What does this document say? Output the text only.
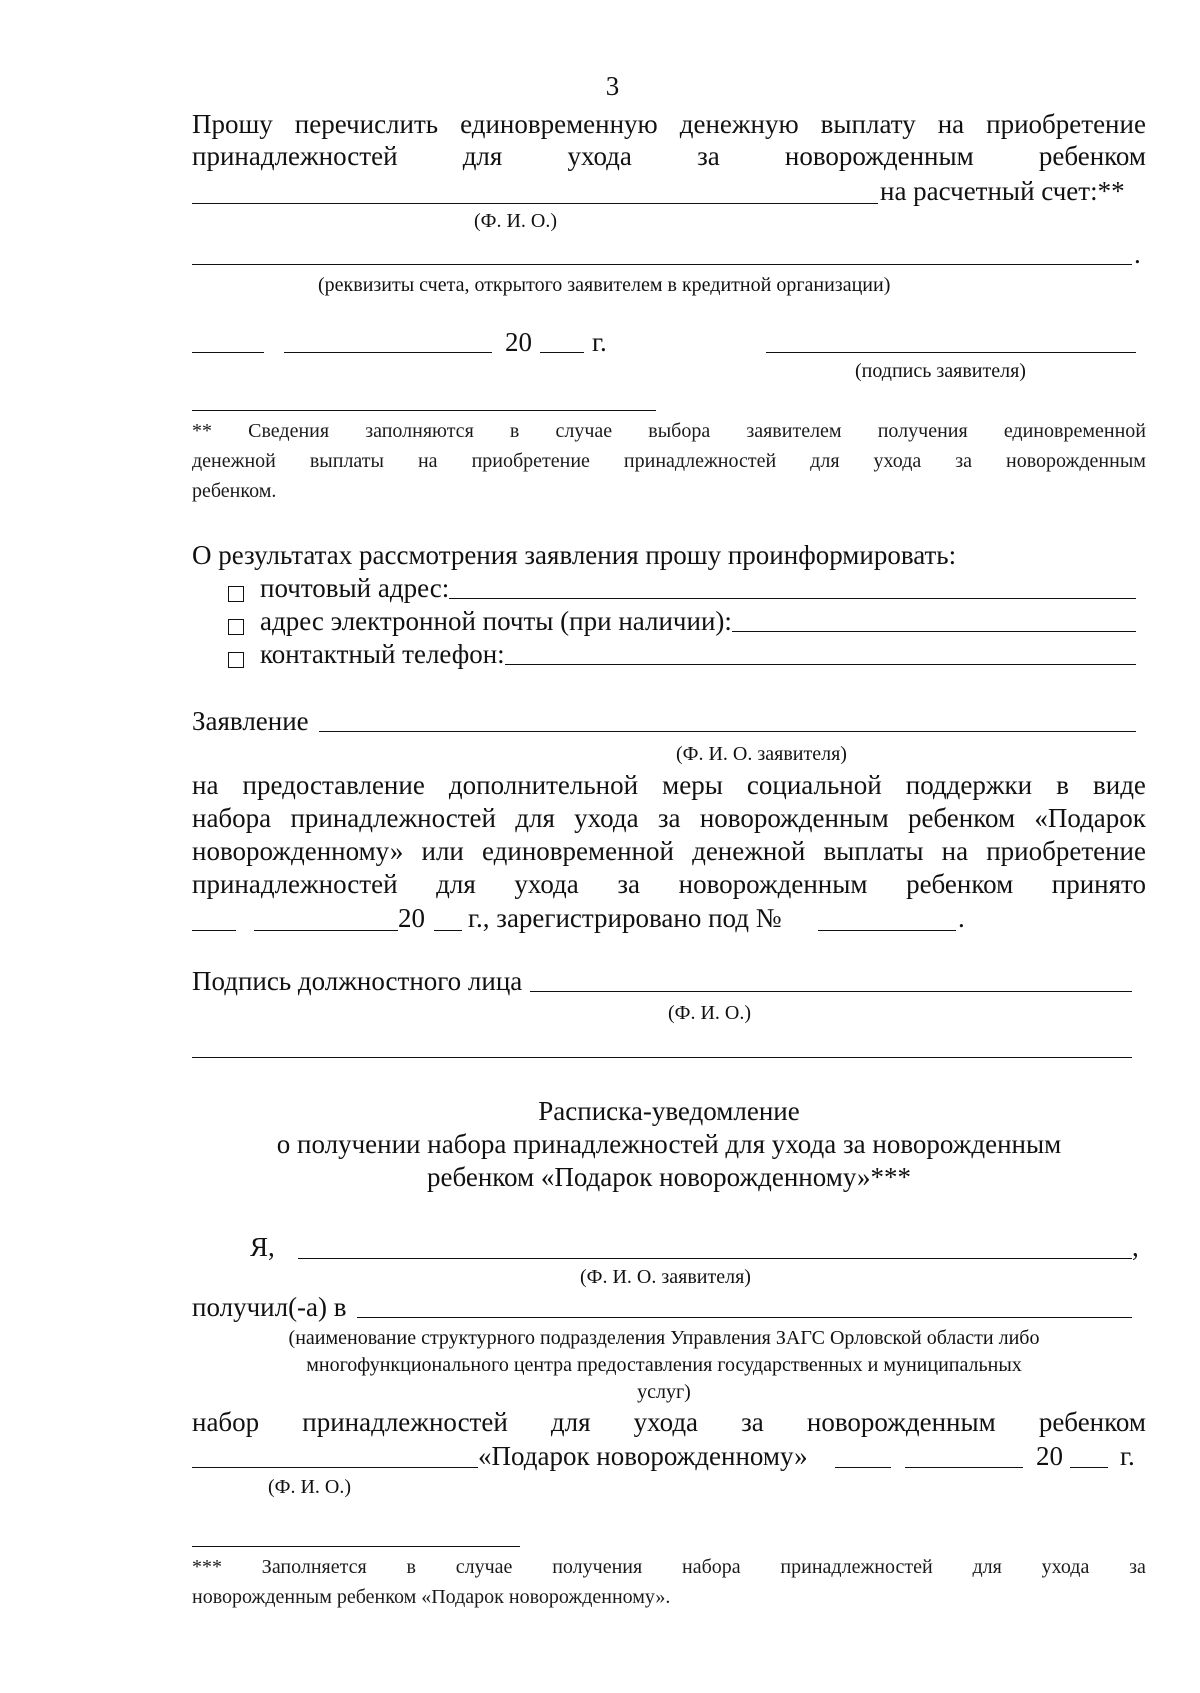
3
Прошу перечислить единовременную денежную выплату на приобретение
принадлежностей для ухода за новорожденным ребенком
на расчетный счет:**
(Ф. И. О.)
.
(реквизиты счета, открытого заявителем в кредитной организации)
20 г.
(подпись заявителя)
** Сведения заполняются в случае выбора заявителем получения единовременной
денежной выплаты на приобретение принадлежностей для ухода за новорожденным
ребенком.
О результатах рассмотрения заявления прошу проинформировать:
почтовый адрес:
адрес электронной почты (при наличии):
контактный телефон:
Заявление
(Ф. И. О. заявителя)
на предоставление дополнительной меры социальной поддержки в виде
набора принадлежностей для ухода за новорожденным ребенком «Подарок
новорожденному» или единовременной денежной выплаты на приобретение
принадлежностей для ухода за новорожденным ребенком принято
20 г., зарегистрировано под №	.
Подпись должностного лица
(Ф. И. О.)
Расписка-уведомление
о получении набора принадлежностей для ухода за новорожденным
ребенком «Подарок новорожденному»***
Я,	,
(Ф. И. О. заявителя)
получил(-а) в
(наименование структурного подразделения Управления ЗАГС Орловской области либо
многофункционального центра предоставления государственных и муниципальных
услуг)
набор принадлежностей для ухода за новорожденным ребенком
«Подарок новорожденному»	20 г.
(Ф. И. О.)
*** Заполняется в случае получения набора принадлежностей для ухода за
новорожденным ребенком «Подарок новорожденному».
